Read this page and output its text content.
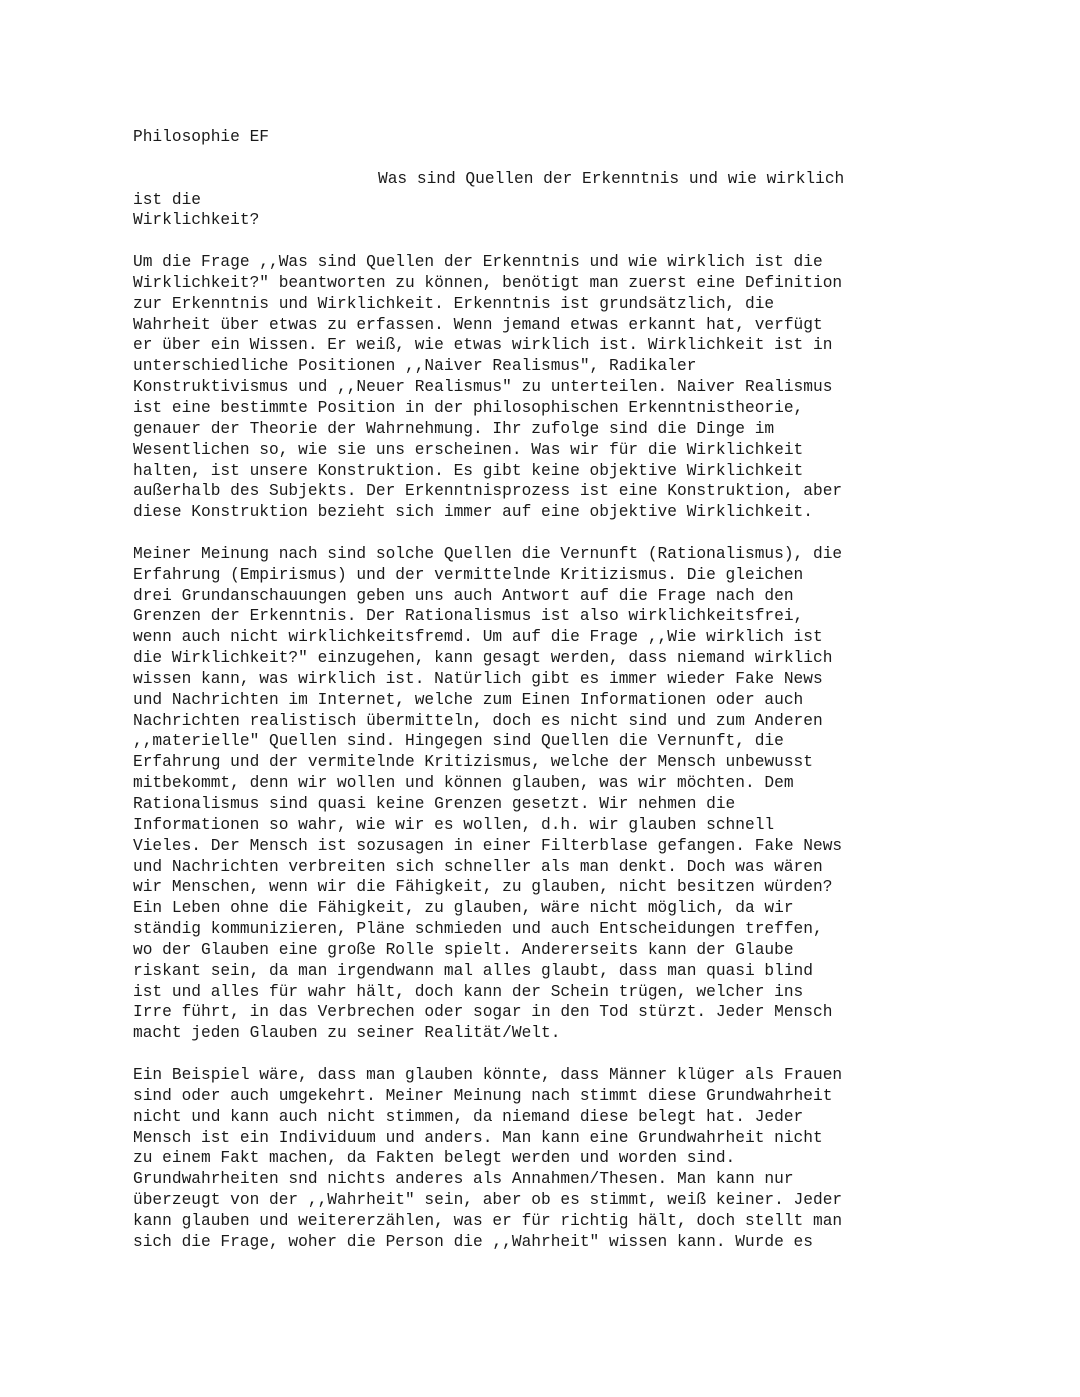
Philosophie EF
Was sind Quellen der Erkenntnis und wie wirklich
ist die
Wirklichkeit?
Um die Frage ,,Was sind Quellen der Erkenntnis und wie wirklich ist die
Wirklichkeit?" beantworten zu können, benötigt man zuerst eine Definition
zur Erkenntnis und Wirklichkeit. Erkenntnis ist grundsätzlich, die
Wahrheit über etwas zu erfassen. Wenn jemand etwas erkannt hat, verfügt
er über ein Wissen. Er weiß, wie etwas wirklich ist. Wirklichkeit ist in
unterschiedliche Positionen ,,Naiver Realismus", Radikaler
Konstruktivismus und ,,Neuer Realismus" zu unterteilen. Naiver Realismus
ist eine bestimmte Position in der philosophischen Erkenntnistheorie,
genauer der Theorie der Wahrnehmung. Ihr zufolge sind die Dinge im
Wesentlichen so, wie sie uns erscheinen. Was wir für die Wirklichkeit
halten, ist unsere Konstruktion. Es gibt keine objektive Wirklichkeit
außerhalb des Subjekts. Der Erkenntnisprozess ist eine Konstruktion, aber
diese Konstruktion bezieht sich immer auf eine objektive Wirklichkeit.
Meiner Meinung nach sind solche Quellen die Vernunft (Rationalismus), die
Erfahrung (Empirismus) und der vermittelnde Kritizismus. Die gleichen
drei Grundanschauungen geben uns auch Antwort auf die Frage nach den
Grenzen der Erkenntnis. Der Rationalismus ist also wirklichkeitsfrei,
wenn auch nicht wirklichkeitsfremd. Um auf die Frage ,,Wie wirklich ist
die Wirklichkeit?" einzugehen, kann gesagt werden, dass niemand wirklich
wissen kann, was wirklich ist. Natürlich gibt es immer wieder Fake News
und Nachrichten im Internet, welche zum Einen Informationen oder auch
Nachrichten realistisch übermitteln, doch es nicht sind und zum Anderen
,,materielle" Quellen sind. Hingegen sind Quellen die Vernunft, die
Erfahrung und der vermitelnde Kritizismus, welche der Mensch unbewusst
mitbekommt, denn wir wollen und können glauben, was wir möchten. Dem
Rationalismus sind quasi keine Grenzen gesetzt. Wir nehmen die
Informationen so wahr, wie wir es wollen, d.h. wir glauben schnell
Vieles. Der Mensch ist sozusagen in einer Filterblase gefangen. Fake News
und Nachrichten verbreiten sich schneller als man denkt. Doch was wären
wir Menschen, wenn wir die Fähigkeit, zu glauben, nicht besitzen würden?
Ein Leben ohne die Fähigkeit, zu glauben, wäre nicht möglich, da wir
ständig kommunizieren, Pläne schmieden und auch Entscheidungen treffen,
wo der Glauben eine große Rolle spielt. Andererseits kann der Glaube
riskant sein, da man irgendwann mal alles glaubt, dass man quasi blind
ist und alles für wahr hält, doch kann der Schein trügen, welcher ins
Irre führt, in das Verbrechen oder sogar in den Tod stürzt. Jeder Mensch
macht jeden Glauben zu seiner Realität/Welt.
Ein Beispiel wäre, dass man glauben könnte, dass Männer klüger als Frauen
sind oder auch umgekehrt. Meiner Meinung nach stimmt diese Grundwahrheit
nicht und kann auch nicht stimmen, da niemand diese belegt hat. Jeder
Mensch ist ein Individuum und anders. Man kann eine Grundwahrheit nicht
zu einem Fakt machen, da Fakten belegt werden und worden sind.
Grundwahrheiten snd nichts anderes als Annahmen/Thesen. Man kann nur
überzeugt von der ,,Wahrheit" sein, aber ob es stimmt, weiß keiner. Jeder
kann glauben und weitererzählen, was er für richtig hält, doch stellt man
sich die Frage, woher die Person die ,,Wahrheit" wissen kann. Wurde es
